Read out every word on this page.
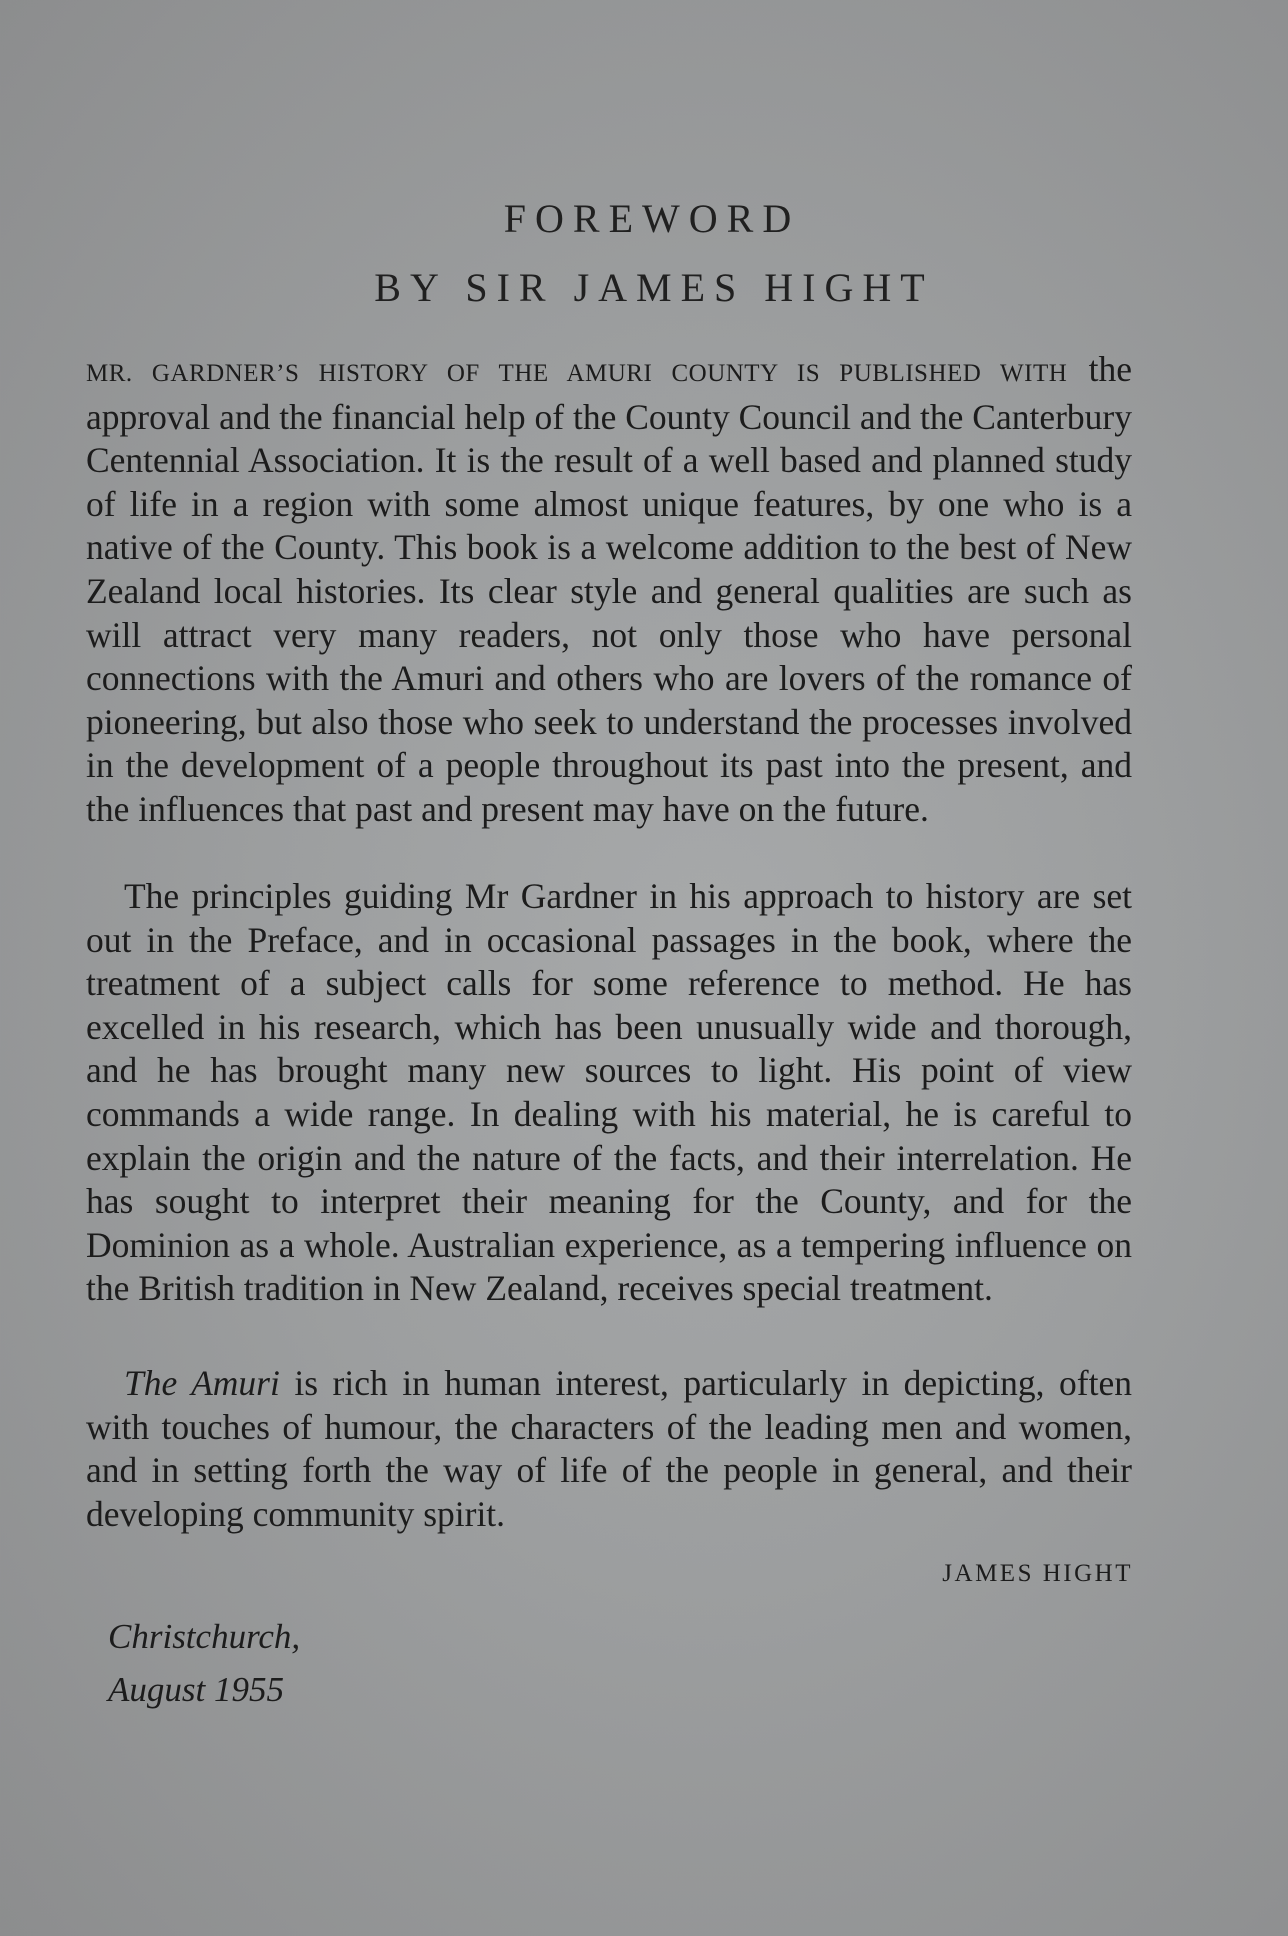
FOREWORD
BY SIR JAMES HIGHT

MR. GARDNER’S HISTORY OF THE AMURI COUNTY IS PUBLISHED WITH the approval and the financial help of the County Council and the Canterbury Centennial Association. It is the result of a well based and planned study of life in a region with some almost unique features, by one who is a native of the County. This book is a welcome addition to the best of New Zealand local histories. Its clear style and general qualities are such as will attract very many readers, not only those who have personal connections with the Amuri and others who are lovers of the romance of pioneering, but also those who seek to understand the processes involved in the development of a people throughout its past into the present, and the influences that past and present may have on the future.

The principles guiding Mr Gardner in his approach to history are set out in the Preface, and in occasional passages in the book, where the treatment of a subject calls for some reference to method. He has excelled in his research, which has been unusually wide and thorough, and he has brought many new sources to light. His point of view commands a wide range. In dealing with his material, he is careful to explain the origin and the nature of the facts, and their interrelation. He has sought to interpret their meaning for the County, and for the Dominion as a whole. Australian experience, as a tempering influence on the British tradition in New Zealand, receives special treatment.

The Amuri is rich in human interest, particularly in depicting, often with touches of humour, the characters of the leading men and women, and in setting forth the way of life of the people in general, and their developing community spirit.

JAMES HIGHT
Christchurch,
August 1955
